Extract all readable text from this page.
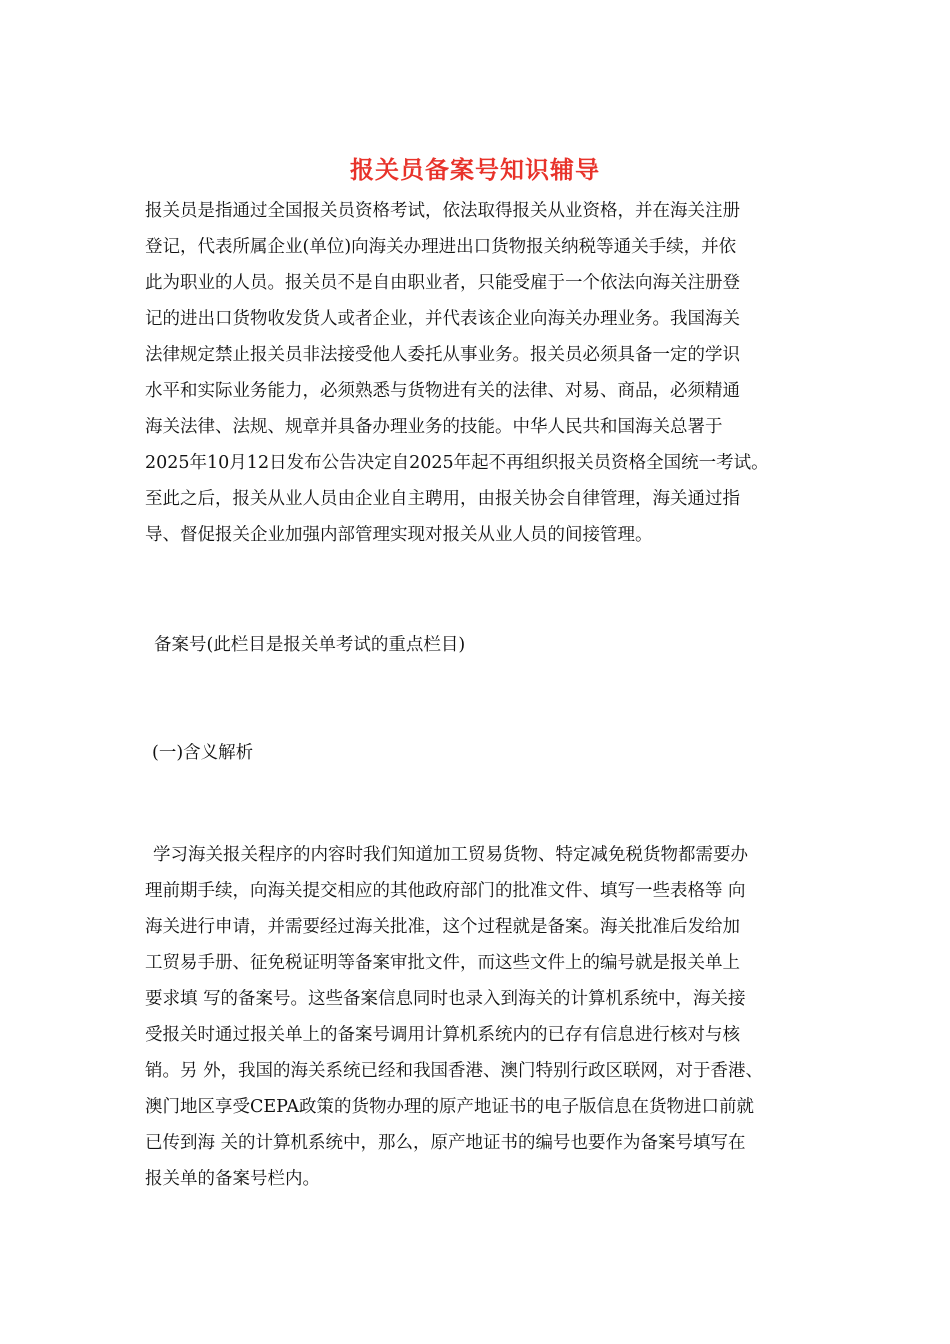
报关员备案号知识辅导

报关员是指通过全国报关员资格考试，依法取得报关从业资格，并在海关注册

登记，代表所属企业(单位)向海关办理进出口货物报关纳税等通关手续，并依

此为职业的人员。报关员不是自由职业者，只能受雇于一个依法向海关注册登

记的进出口货物收发货人或者企业，并代表该企业向海关办理业务。我国海关

法律规定禁止报关员非法接受他人委托从事业务。报关员必须具备一定的学识

水平和实际业务能力，必须熟悉与货物进有关的法律、对易、商品，必须精通

海关法律、法规、规章并具备办理业务的技能。中华人民共和国海关总署于

2025年10月12日发布公告决定自2025年起不再组织报关员资格全国统一考试。

至此之后，报关从业人员由企业自主聘用，由报关协会自律管理，海关通过指

导、督促报关企业加强内部管理实现对报关从业人员的间接管理。

备案号(此栏目是报关单考试的重点栏目)

(一)含义解析

学习海关报关程序的内容时我们知道加工贸易货物、特定减免税货物都需要办

理前期手续，向海关提交相应的其他政府部门的批准文件、填写一些表格等 向

海关进行申请，并需要经过海关批准，这个过程就是备案。海关批准后发给加

工贸易手册、征免税证明等备案审批文件，而这些文件上的编号就是报关单上

要求填 写的备案号。这些备案信息同时也录入到海关的计算机系统中，海关接

受报关时通过报关单上的备案号调用计算机系统内的已存有信息进行核对与核

销。另 外，我国的海关系统已经和我国香港、澳门特别行政区联网，对于香港、

澳门地区享受CEPA政策的货物办理的原产地证书的电子版信息在货物进口前就

已传到海 关的计算机系统中，那么，原产地证书的编号也要作为备案号填写在

报关单的备案号栏内。
